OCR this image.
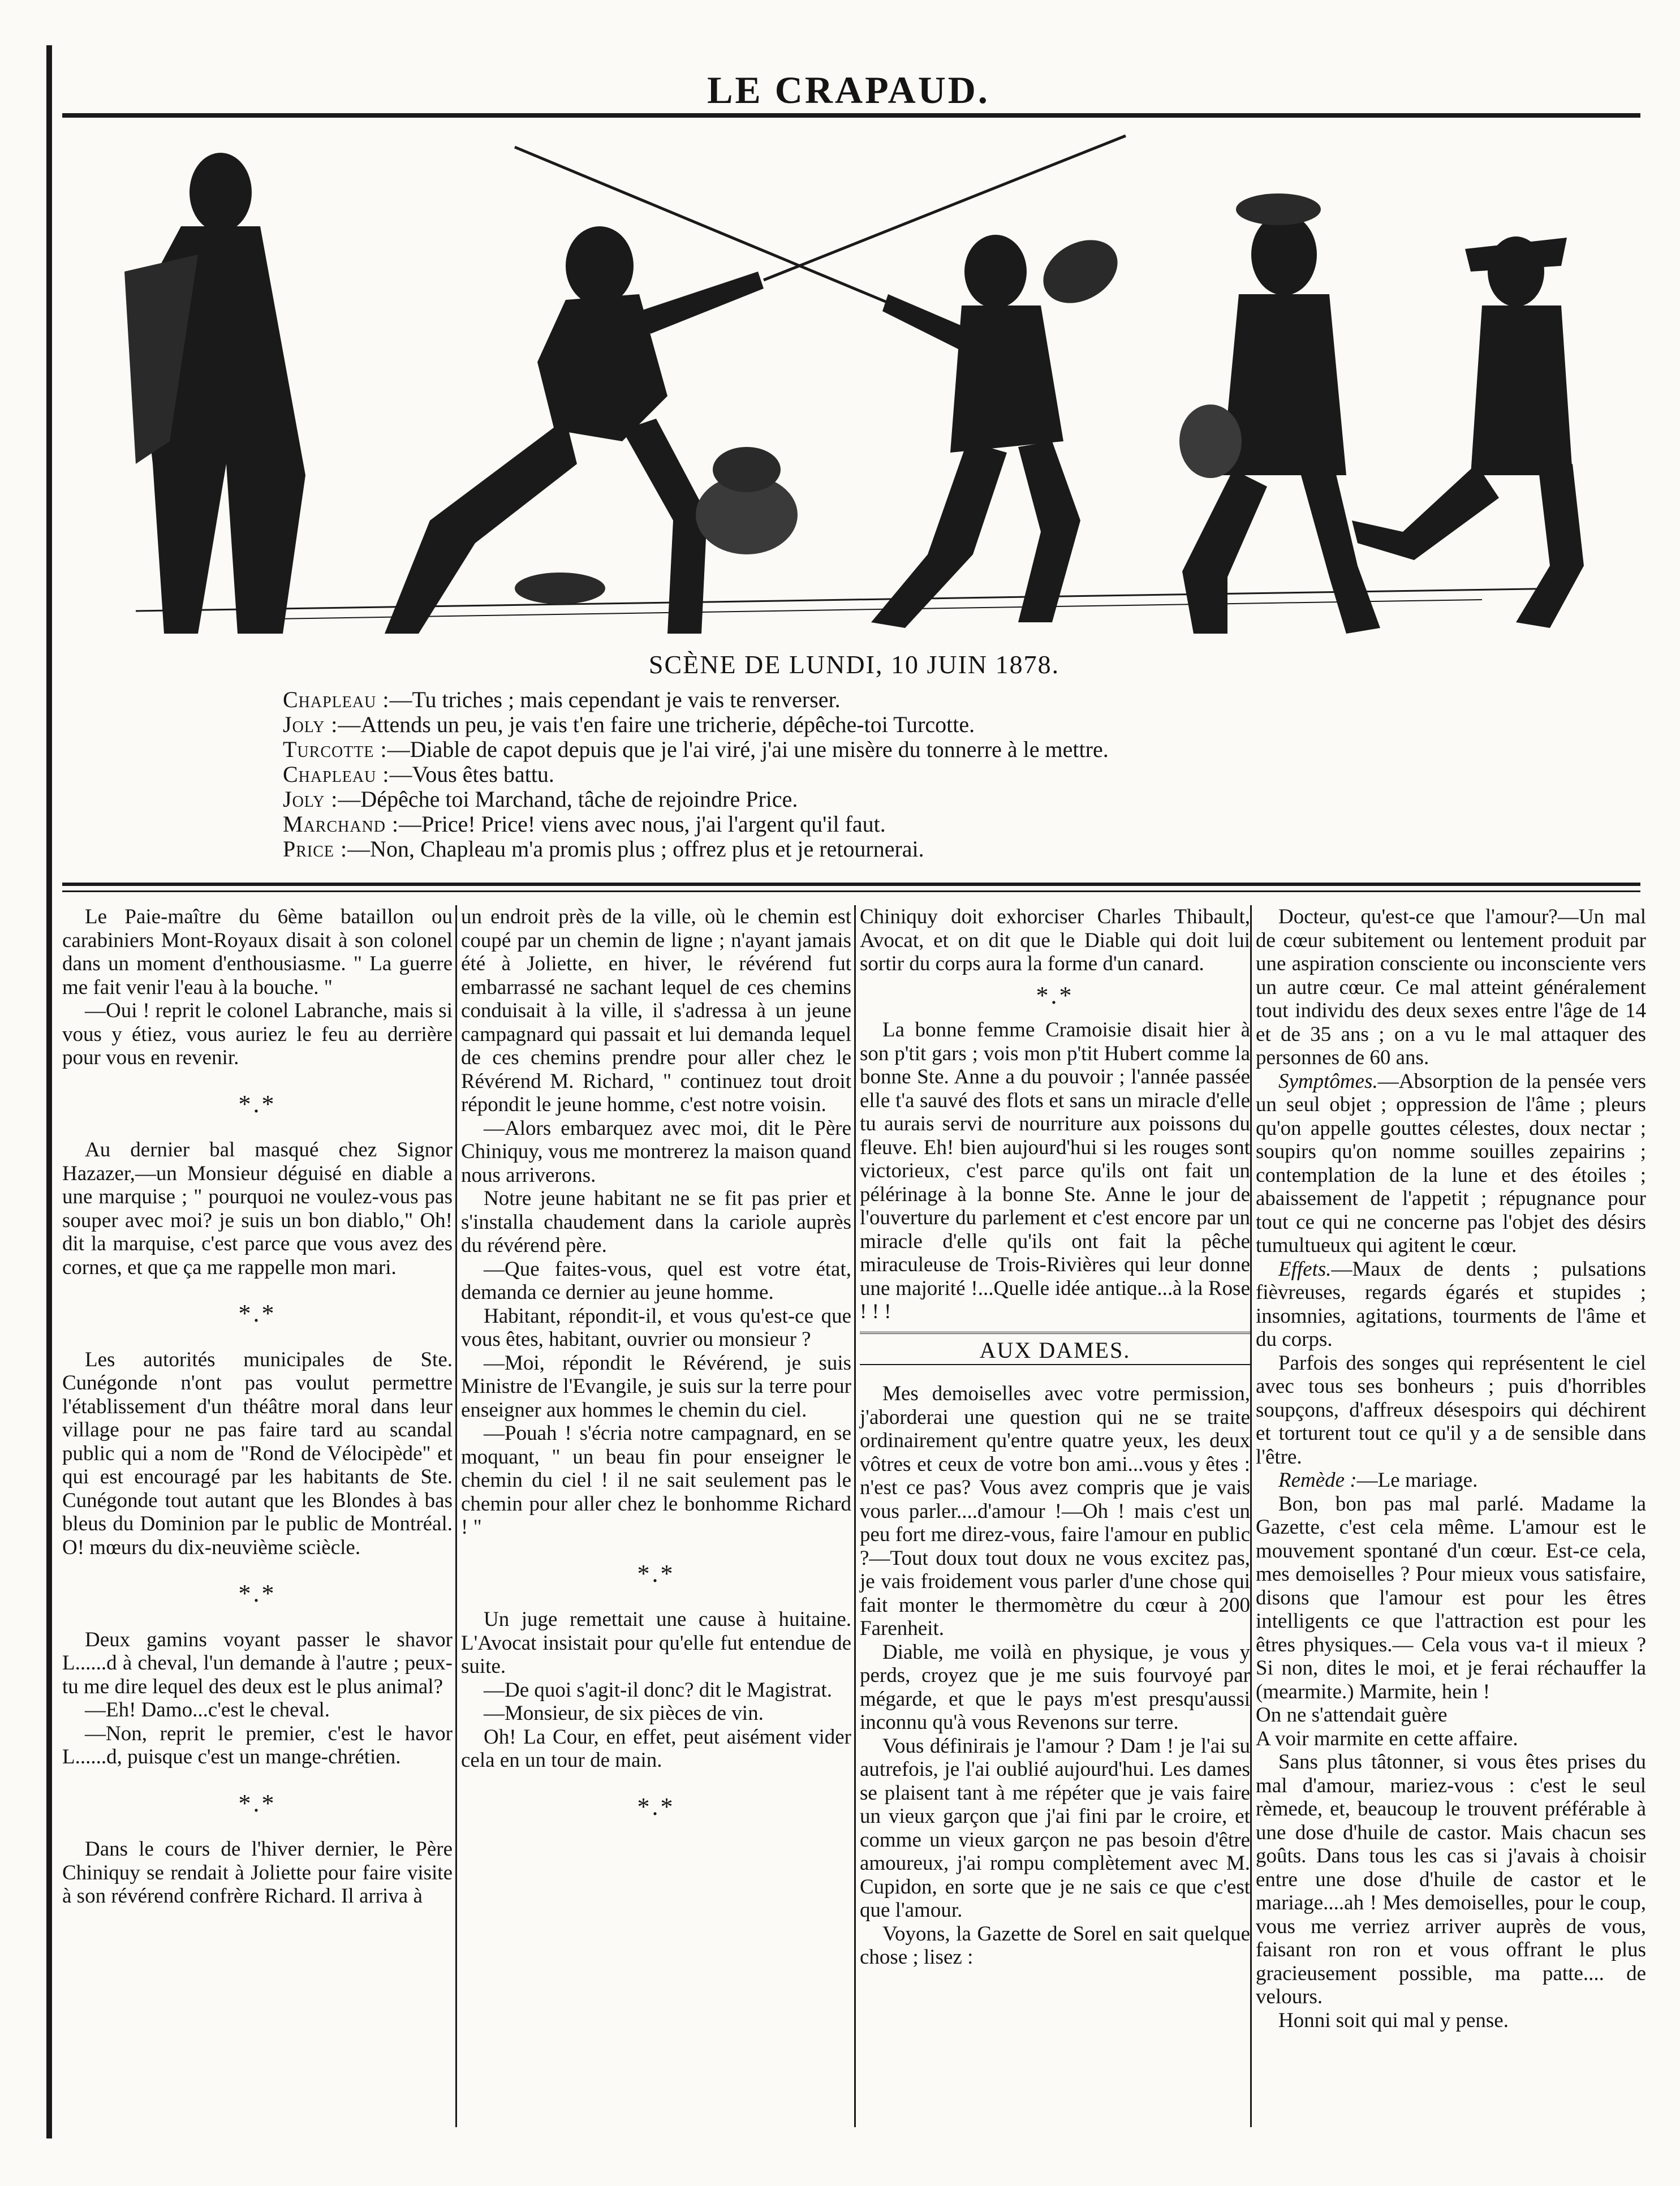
LE CRAPAUD.
SCÈNE DE LUNDI, 10 JUIN 1878.
Chapleau :—Tu triches ; mais cependant je vais te renverser.
Joly :—Attends un peu, je vais t'en faire une tricherie, dépêche-toi Turcotte.
Turcotte :—Diable de capot depuis que je l'ai viré, j'ai une misère du tonnerre à le mettre.
Chapleau :—Vous êtes battu.
Joly :—Dépêche toi Marchand, tâche de rejoindre Price.
Marchand :—Price! Price! viens avec nous, j'ai l'argent qu'il faut.
Price :—Non, Chapleau m'a promis plus ; offrez plus et je retournerai.

Le Paie-maître du 6ème bataillon ou carabiniers Mont-Royaux disait à son colonel dans un moment d'enthousiasme. " La guerre me fait venir l'eau à la bouche. "

—Oui ! reprit le colonel Labranche, mais si vous y étiez, vous auriez le feu au derrière pour vous en revenir.

*.*

Au dernier bal masqué chez Signor Hazazer,—un Monsieur déguisé en diable a une marquise ; " pourquoi ne voulez-vous pas souper avec moi? je suis un bon diablo," Oh! dit la marquise, c'est parce que vous avez des cornes, et que ça me rappelle mon mari.

*.*

Les autorités municipales de Ste. Cunégonde n'ont pas voulut permettre l'établissement d'un théâtre moral dans leur village pour ne pas faire tard au scandal public qui a nom de "Rond de Vélocipède" et qui est encouragé par les habitants de Ste. Cunégonde tout autant que les Blondes à bas bleus du Dominion par le public de Montréal. O! mœurs du dix-neuvième sciècle.

*.*

Deux gamins voyant passer le shavor L......d à cheval, l'un demande à l'autre ; peux-tu me dire lequel des deux est le plus animal?

—Eh! Damo...c'est le cheval.

—Non, reprit le premier, c'est le havor L......d, puisque c'est un mange-chrétien.

*.*

Dans le cours de l'hiver dernier, le Père Chiniquy se rendait à Joliette pour faire visite à son révérend confrère Richard. Il arriva à

un endroit près de la ville, où le chemin est coupé par un chemin de ligne ; n'ayant jamais été à Joliette, en hiver, le révérend fut embarrassé ne sachant lequel de ces chemins conduisait à la ville, il s'adressa à un jeune campagnard qui passait et lui demanda lequel de ces chemins prendre pour aller chez le Révérend M. Richard, " continuez tout droit répondit le jeune homme, c'est notre voisin.

—Alors embarquez avec moi, dit le Père Chiniquy, vous me montrerez la maison quand nous arriverons.

Notre jeune habitant ne se fit pas prier et s'installa chaudement dans la cariole auprès du révérend père.

—Que faites-vous, quel est votre état, demanda ce dernier au jeune homme.

Habitant, répondit-il, et vous qu'est-ce que vous êtes, habitant, ouvrier ou monsieur ?

—Moi, répondit le Révérend, je suis Ministre de l'Evangile, je suis sur la terre pour enseigner aux hommes le chemin du ciel.

—Pouah ! s'écria notre campagnard, en se moquant, " un beau fin pour enseigner le chemin du ciel ! il ne sait seulement pas le chemin pour aller chez le bonhomme Richard ! "

*.*

Un juge remettait une cause à huitaine. L'Avocat insistait pour qu'elle fut entendue de suite.

—De quoi s'agit-il donc? dit le Magistrat.

—Monsieur, de six pièces de vin.

Oh! La Cour, en effet, peut aisément vider cela en un tour de main.

*.*

Chiniquy doit exhorciser Charles Thibault, Avocat, et on dit que le Diable qui doit lui sortir du corps aura la forme d'un canard.

*.*

La bonne femme Cramoisie disait hier à son p'tit gars ; vois mon p'tit Hubert comme la bonne Ste. Anne a du pouvoir ; l'année passée elle t'a sauvé des flots et sans un miracle d'elle tu aurais servi de nourriture aux poissons du fleuve. Eh! bien aujourd'hui si les rouges sont victorieux, c'est parce qu'ils ont fait un pélérinage à la bonne Ste. Anne le jour de l'ouverture du parlement et c'est encore par un miracle d'elle qu'ils ont fait la pêche miraculeuse de Trois-Rivières qui leur donne une majorité !...Quelle idée antique...à la Rose ! ! !

AUX DAMES.

Mes demoiselles avec votre permission, j'aborderai une question qui ne se traite ordinairement qu'entre quatre yeux, les deux vôtres et ceux de votre bon ami...vous y êtes : n'est ce pas? Vous avez compris que je vais vous parler....d'amour !—Oh ! mais c'est un peu fort me direz-vous, faire l'amour en public ?—Tout doux tout doux ne vous excitez pas, je vais froidement vous parler d'une chose qui fait monter le thermomètre du cœur à 200 Farenheit.

Diable, me voilà en physique, je vous y perds, croyez que je me suis fourvoyé par mégarde, et que le pays m'est presqu'aussi inconnu qu'à vous Revenons sur terre.

Vous définirais je l'amour ? Dam ! je l'ai su autrefois, je l'ai oublié aujourd'hui. Les dames se plaisent tant à me répéter que je vais faire un vieux garçon que j'ai fini par le croire, et comme un vieux garçon ne pas besoin d'être amoureux, j'ai rompu complètement avec M. Cupidon, en sorte que je ne sais ce que c'est que l'amour.

Voyons, la Gazette de Sorel en sait quelque chose ; lisez :

Docteur, qu'est-ce que l'amour?—Un mal de cœur subitement ou lentement produit par une aspiration consciente ou inconsciente vers un autre cœur. Ce mal atteint généralement tout individu des deux sexes entre l'âge de 14 et de 35 ans ; on a vu le mal attaquer des personnes de 60 ans.

Symptômes.—Absorption de la pensée vers un seul objet ; oppression de l'âme ; pleurs qu'on appelle gouttes célestes, doux nectar ; soupirs qu'on nomme souilles zepairins ; contemplation de la lune et des étoiles ; abaissement de l'appetit ; répugnance pour tout ce qui ne concerne pas l'objet des désirs tumultueux qui agitent le cœur.

Effets.—Maux de dents ; pulsations fièvreuses, regards égarés et stupides ; insomnies, agitations, tourments de l'âme et du corps.

Parfois des songes qui représentent le ciel avec tous ses bonheurs ; puis d'horribles soupçons, d'affreux désespoirs qui déchirent et torturent tout ce qu'il y a de sensible dans l'être.

Remède :—Le mariage.

Bon, bon pas mal parlé. Madame la Gazette, c'est cela même. L'amour est le mouvement spontané d'un cœur. Est-ce cela, mes demoiselles ? Pour mieux vous satisfaire, disons que l'amour est pour les êtres intelligents ce que l'attraction est pour les êtres physiques.— Cela vous va-t il mieux ? Si non, dites le moi, et je ferai réchauffer la (mearmite.) Marmite, hein !

On ne s'attendait guère

A voir marmite en cette affaire.

Sans plus tâtonner, si vous êtes prises du mal d'amour, mariez-vous : c'est le seul rèmede, et, beaucoup le trouvent préférable à une dose d'huile de castor. Mais chacun ses goûts. Dans tous les cas si j'avais à choisir entre une dose d'huile de castor et le mariage....ah ! Mes demoiselles, pour le coup, vous me verriez arriver auprès de vous, faisant ron ron et vous offrant le plus gracieusement possible, ma patte.... de velours.

Honni soit qui mal y pense.
